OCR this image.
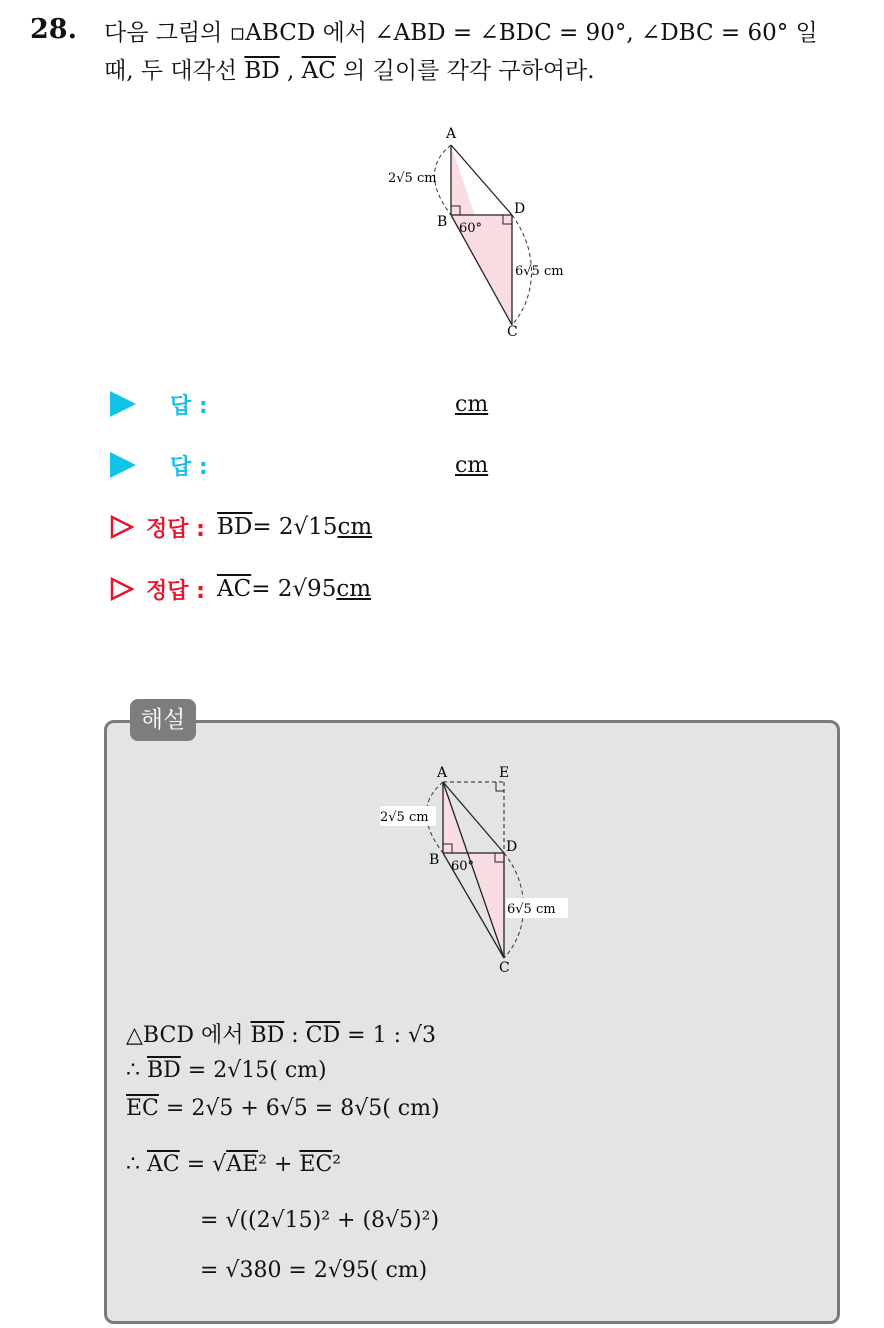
28. 다음 그림의 ▫ABCD 에서 ∠ABD = ∠BDC = 90°, ∠DBC = 60° 일
때, 두 대각선 $\overline{BD}$ , $\overline{AC}$ 의 길이를 각각 구하여라.
A
B
D
C
60°
2√5 cm
6√5 cm
답 :	cm
답 :	cm
정답 : $\overline{BD} = 2√15$ cm
정답 : $\overline{AC} = 2√95$ cm
해설
A	E
B
D
C
60°
2√5 cm
6√5 cm
△BCD 에서 $\overline{BD}$ : $\overline{CD} = 1$ : √3
∴ $\overline{BD} = 2√15$( cm)
$\overline{EC} = 2√5 + 6√5 = 8√5$( cm)
∴ $\overline{AC} = √AE^2 + \overline{EC}^2$
= √((2√15)² + (8√5)²)
= √380 = 2√95( cm)
